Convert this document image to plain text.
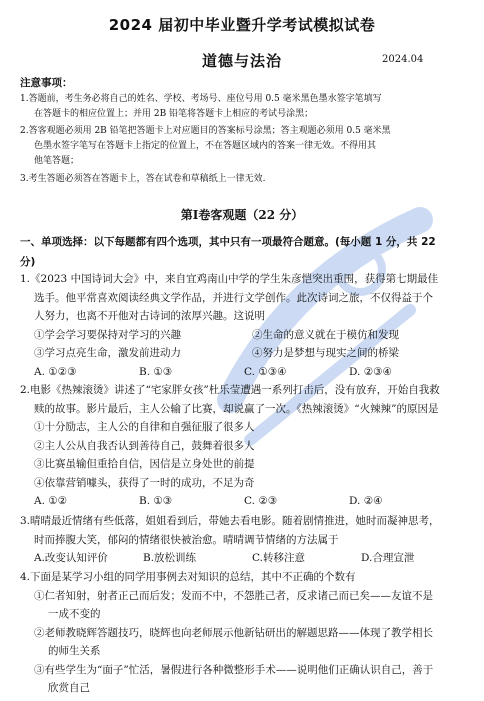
2024 届初中毕业暨升学考试模拟试卷
道德与法治	2024.04
注意事项：
1.答题前，考生务必将自己的姓名、学校、考场号、座位号用 0.5 毫米黑色墨水签字笔填写
在答题卡的相应位置上；并用 2B 铅笔将答题卡上相应的考试号涂黑；
2.答客观题必须用 2B 铅笔把答题卡上对应题目的答案标号涂黑；答主观题必须用 0.5 毫米黑
色墨水签字笔写在答题卡上指定的位置上，不在答题区域内的答案一律无效。不得用其
他笔答题；
3.考生答题必须答在答题卡上，答在试卷和草稿纸上一律无效.
第Ⅰ卷客观题（22 分）
一、单项选择：以下每题都有四个选项，其中只有一项最符合题意。(每小题 1 分，共 22
分)
1.《2023 中国诗词大会》中，来自宜鸡南山中学的学生朱彦恺突出重围，获得第七期最佳
选手。他平常喜欢阅读经典文学作品，并进行文学创作。此次诗词之旅，不仅得益于个
人努力，也离不开他对古诗词的浓厚兴趣。这说明
①学会学习要保持对学习的兴趣	②生命的意义就在于模仿和发现
③学习点亮生命，激发前进动力	④努力是梦想与现实之间的桥梁
A. ①②③	B. ①③	C. ①③④	D. ②③④
2.电影《热辣滚烫》讲述了“宅家胖女孩”杜乐莹遭遇一系列打击后，没有放弃，开始自我救
赎的故事。影片最后，主人公输了比赛，却说赢了一次。《热辣滚烫》“火辣辣”的原因是
①十分励志，主人公的自律和自强征服了很多人
②主人公从自我否认到善待自己，鼓舞着很多人
③比赛虽输但重拾自信，因信是立身处世的前提
④依靠营销噱头，获得了一时的成功，不足为奇
A. ①②	B. ①③	C. ②③	D. ②④
3.晴晴最近情绪有些低落，姐姐看到后，带她去看电影。随着剧情推进，她时而凝神思考，
时而捧腹大笑，郁闷的情绪很快被治愈。晴晴调节情绪的方法属于
A.改变认知评价	B.放松训练	C.转移注意	D.合理宣泄
4.下面是某学习小组的同学用事例去对知识的总结，其中不正确的个数有
①仁者知射，射者正己而后发；发而不中，不怨胜己者，反求诸己而已矣——友谊不是
一成不变的
②老师教晓辉答题技巧，晓辉也向老师展示他新钻研出的解题思路——体现了教学相长
的师生关系
③有些学生为“面子”忙活，暑假进行各种微整形手术——说明他们正确认识自己，善于
欣赏自己
